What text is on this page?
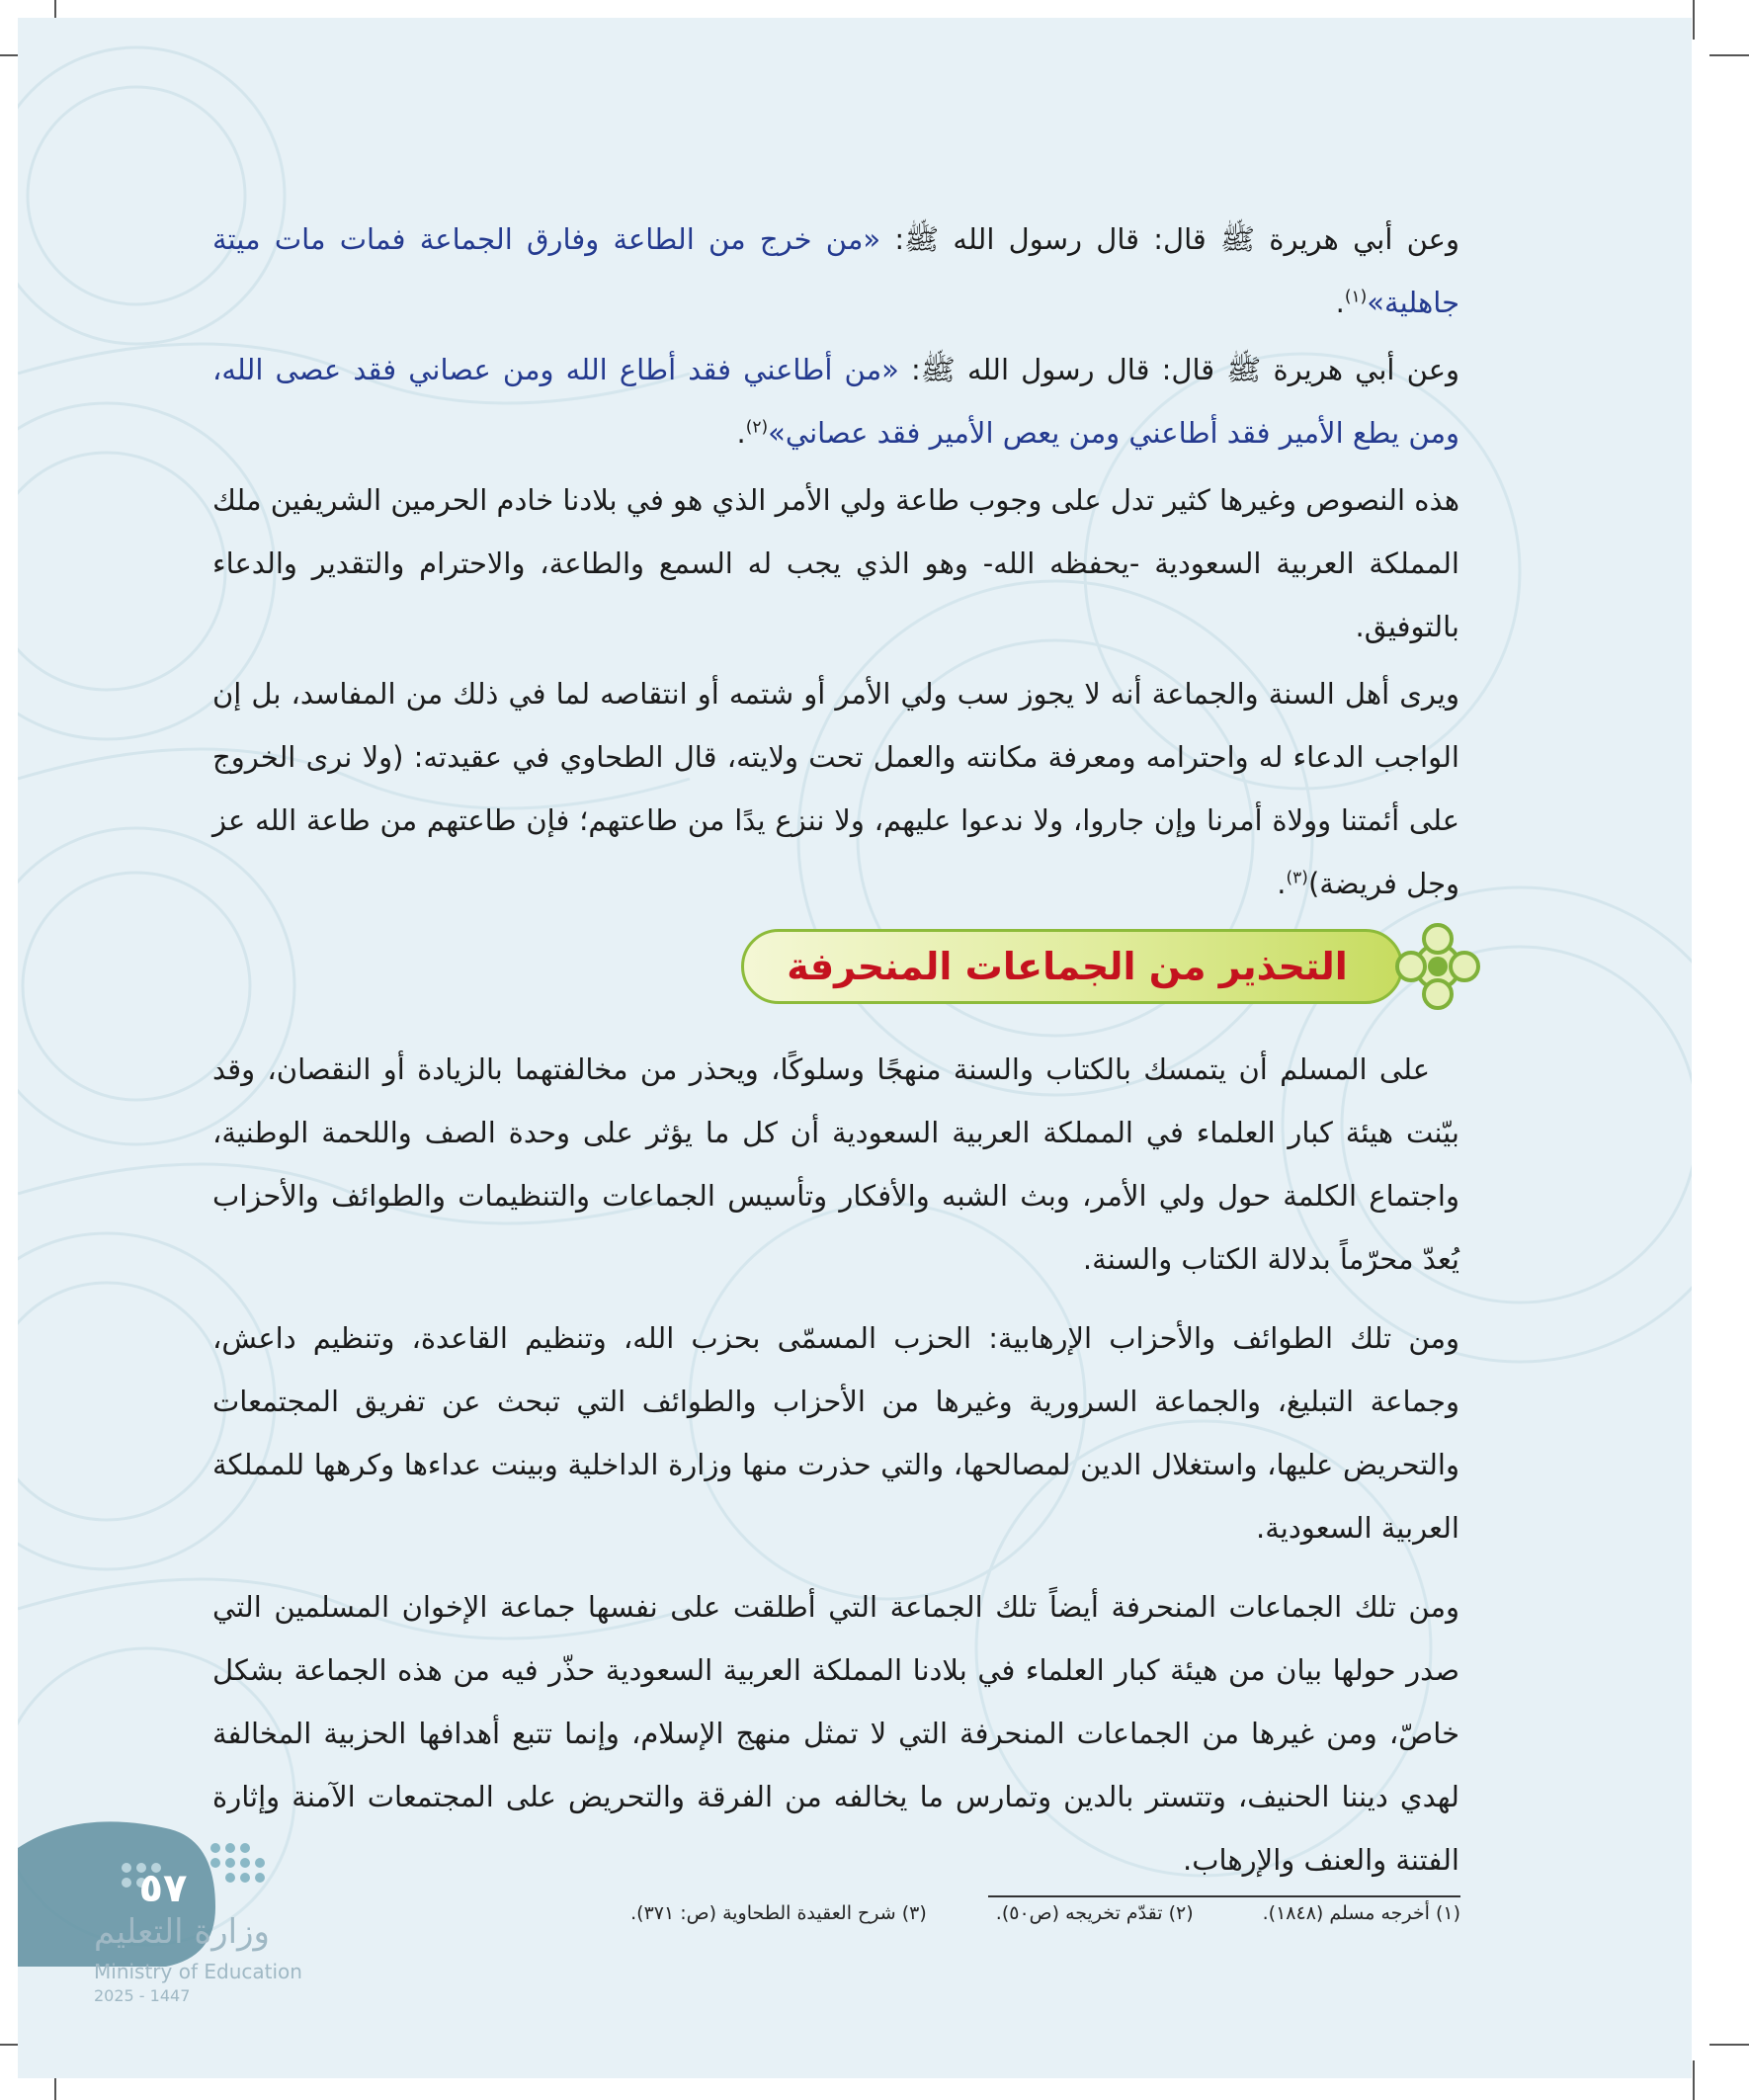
وعن أبي هريرة ﷺ قال: قال رسول الله ﷺ: «من خرج من الطاعة وفارق الجماعة فمات مات ميتة جاهلية»$^{(١)}$.

وعن أبي هريرة ﷺ قال: قال رسول الله ﷺ: «من أطاعني فقد أطاع الله ومن عصاني فقد عصى الله، ومن يطع الأمير فقد أطاعني ومن يعص الأمير فقد عصاني»$^{(٢)}$.

هذه النصوص وغيرها كثير تدل على وجوب طاعة ولي الأمر الذي هو في بلادنا خادم الحرمين الشريفين ملك المملكة العربية السعودية -يحفظه الله- وهو الذي يجب له السمع والطاعة، والاحترام والتقدير والدعاء بالتوفيق.

ويرى أهل السنة والجماعة أنه لا يجوز سب ولي الأمر أو شتمه أو انتقاصه لما في ذلك من المفاسد، بل إن الواجب الدعاء له واحترامه ومعرفة مكانته والعمل تحت ولايته، قال الطحاوي في عقيدته: (ولا نرى الخروج على أئمتنا وولاة أمرنا وإن جاروا، ولا ندعوا عليهم، ولا ننزع يدًا من طاعتهم؛ فإن طاعتهم من طاعة الله عز وجل فريضة)$^{(٣)}$.

التحذير من الجماعات المنحرفة

على المسلم أن يتمسك بالكتاب والسنة منهجًا وسلوكًا، ويحذر من مخالفتهما بالزيادة أو النقصان، وقد بيّنت هيئة كبار العلماء في المملكة العربية السعودية أن كل ما يؤثر على وحدة الصف واللحمة الوطنية، واجتماع الكلمة حول ولي الأمر، وبث الشبه والأفكار وتأسيس الجماعات والتنظيمات والطوائف والأحزاب يُعدّ محرّماً بدلالة الكتاب والسنة.

ومن تلك الطوائف والأحزاب الإرهابية: الحزب المسمّى بحزب الله، وتنظيم القاعدة، وتنظيم داعش، وجماعة التبليغ، والجماعة السرورية وغيرها من الأحزاب والطوائف التي تبحث عن تفريق المجتمعات والتحريض عليها، واستغلال الدين لمصالحها، والتي حذرت منها وزارة الداخلية وبينت عداءها وكرهها للمملكة العربية السعودية.

ومن تلك الجماعات المنحرفة أيضاً تلك الجماعة التي أطلقت على نفسها جماعة الإخوان المسلمين التي صدر حولها بيان من هيئة كبار العلماء في بلادنا المملكة العربية السعودية حذّر فيه من هذه الجماعة بشكل خاصّ، ومن غيرها من الجماعات المنحرفة التي لا تمثل منهج الإسلام، وإنما تتبع أهدافها الحزبية المخالفة لهدي ديننا الحنيف، وتتستر بالدين وتمارس ما يخالفه من الفرقة والتحريض على المجتمعات الآمنة وإثارة الفتنة والعنف والإرهاب.

(١) أخرجه مسلم (١٨٤٨).
(٢) تقدّم تخريجه (ص٥٠).
(٣) شرح العقيدة الطحاوية (ص: ٣٧١).
٥٧
وزارة التعليم
Ministry of Education
2025 - 1447
